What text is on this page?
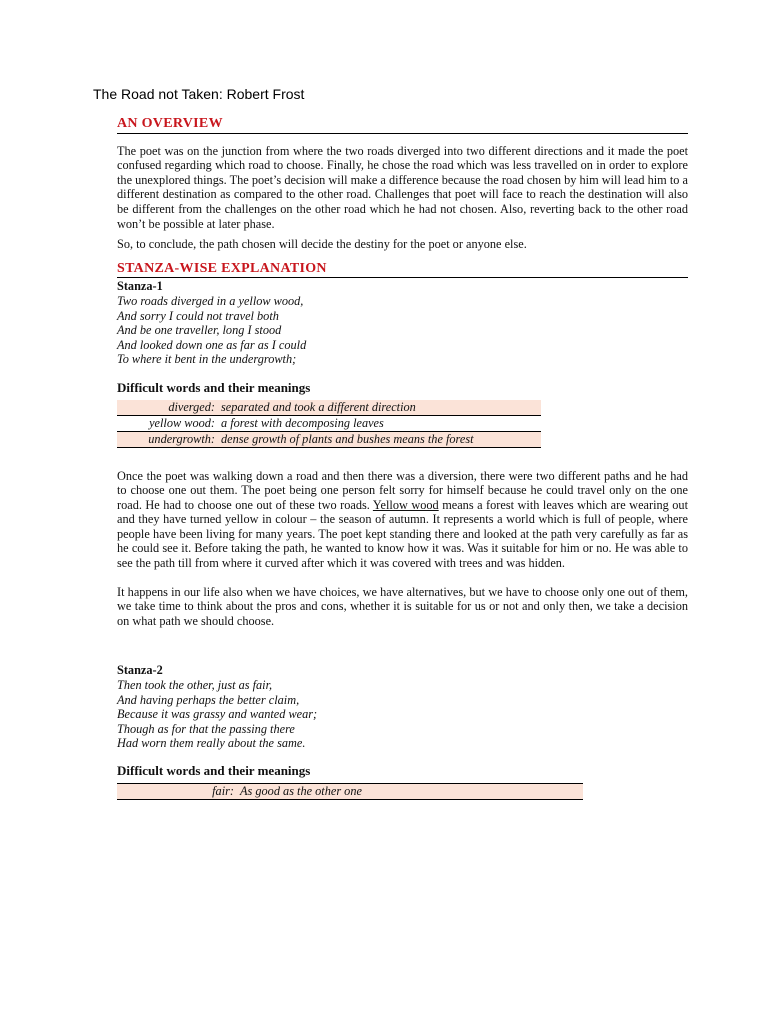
The Road not Taken: Robert Frost
AN OVERVIEW

The poet was on the junction from where the two roads diverged into two different directions and it made the poet confused regarding which road to choose. Finally, he chose the road which was less travelled on in order to explore the unexplored things. The poet’s decision will make a difference because the road chosen by him will lead him to a different destination as compared to the other road. Challenges that poet will face to reach the destination will also be different from the challenges on the other road which he had not chosen. Also, reverting back to the other road won’t be possible at later phase.

So, to conclude, the path chosen will decide the destiny for the poet or anyone else.

STANZA-WISE EXPLANATION
Stanza-1
Two roads diverged in a yellow wood,
And sorry I could not travel both
And be one traveller, long I stood
And looked down one as far as I could
To where it bent in the undergrowth;
Difficult words and their meanings
diverged:	separated and took a different direction
yellow wood:	a forest with decomposing leaves
undergrowth:	dense growth of plants and bushes means the forest

Once the poet was walking down a road and then there was a diversion, there were two different paths and he had to choose one out them. The poet being one person felt sorry for himself because he could travel only on the one road. He had to choose one out of these two roads. Yellow wood means a forest with leaves which are wearing out and they have turned yellow in colour – the season of autumn. It represents a world which is full of people, where people have been living for many years. The poet kept standing there and looked at the path very carefully as far as he could see it. Before taking the path, he wanted to know how it was. Was it suitable for him or no. He was able to see the path till from where it curved after which it was covered with trees and was hidden.

It happens in our life also when we have choices, we have alternatives, but we have to choose only one out of them, we take time to think about the pros and cons, whether it is suitable for us or not and only then, we take a decision on what path we should choose.

Stanza-2
Then took the other, just as fair,
And having perhaps the better claim,
Because it was grassy and wanted wear;
Though as for that the passing there
Had worn them really about the same.
Difficult words and their meanings
fair:	As good as the other one
